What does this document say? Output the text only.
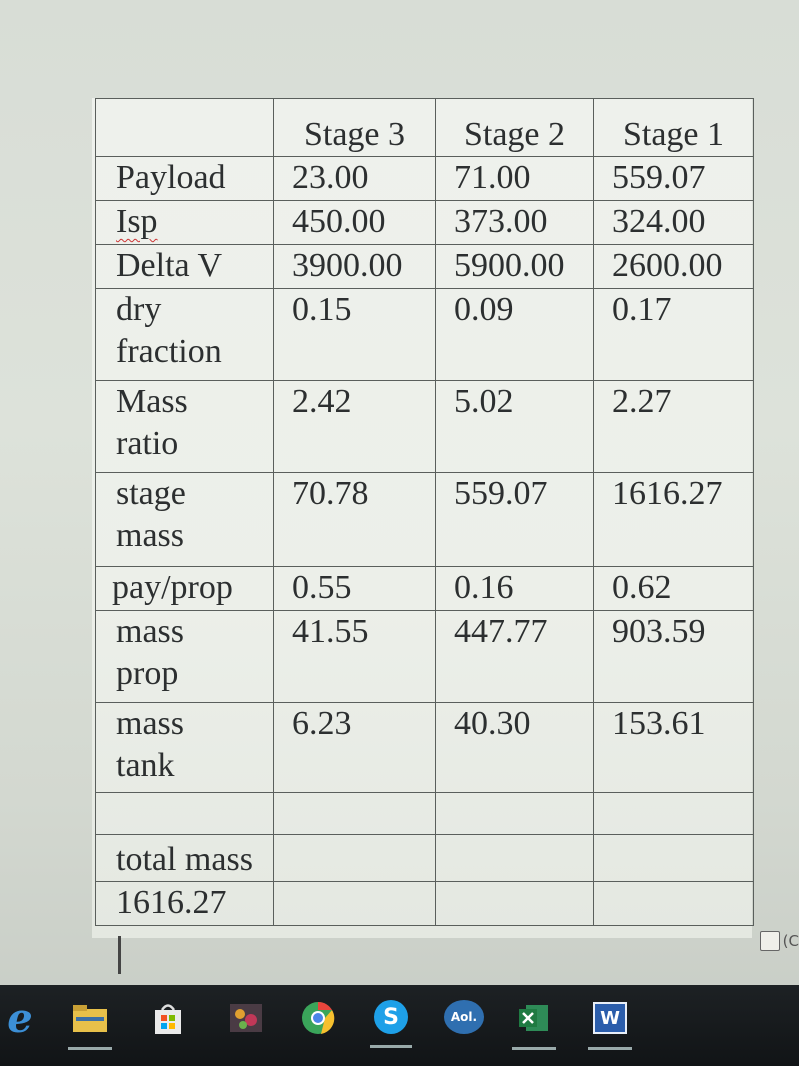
	Stage 3	Stage 2	Stage 1
Payload	23.00	71.00	559.07
Isp	450.00	373.00	324.00
Delta V	3900.00	5900.00	2600.00
dry
fraction	0.15	0.09	0.17
Mass
ratio	2.42	5.02	2.27
stage
mass	70.78	559.07	1616.27
pay/prop	0.55	0.16	0.62
mass
prop	41.55	447.77	903.59
mass
tank	6.23	40.30	153.61

total mass			
1616.27			
(C
e	S	Aol.	W
